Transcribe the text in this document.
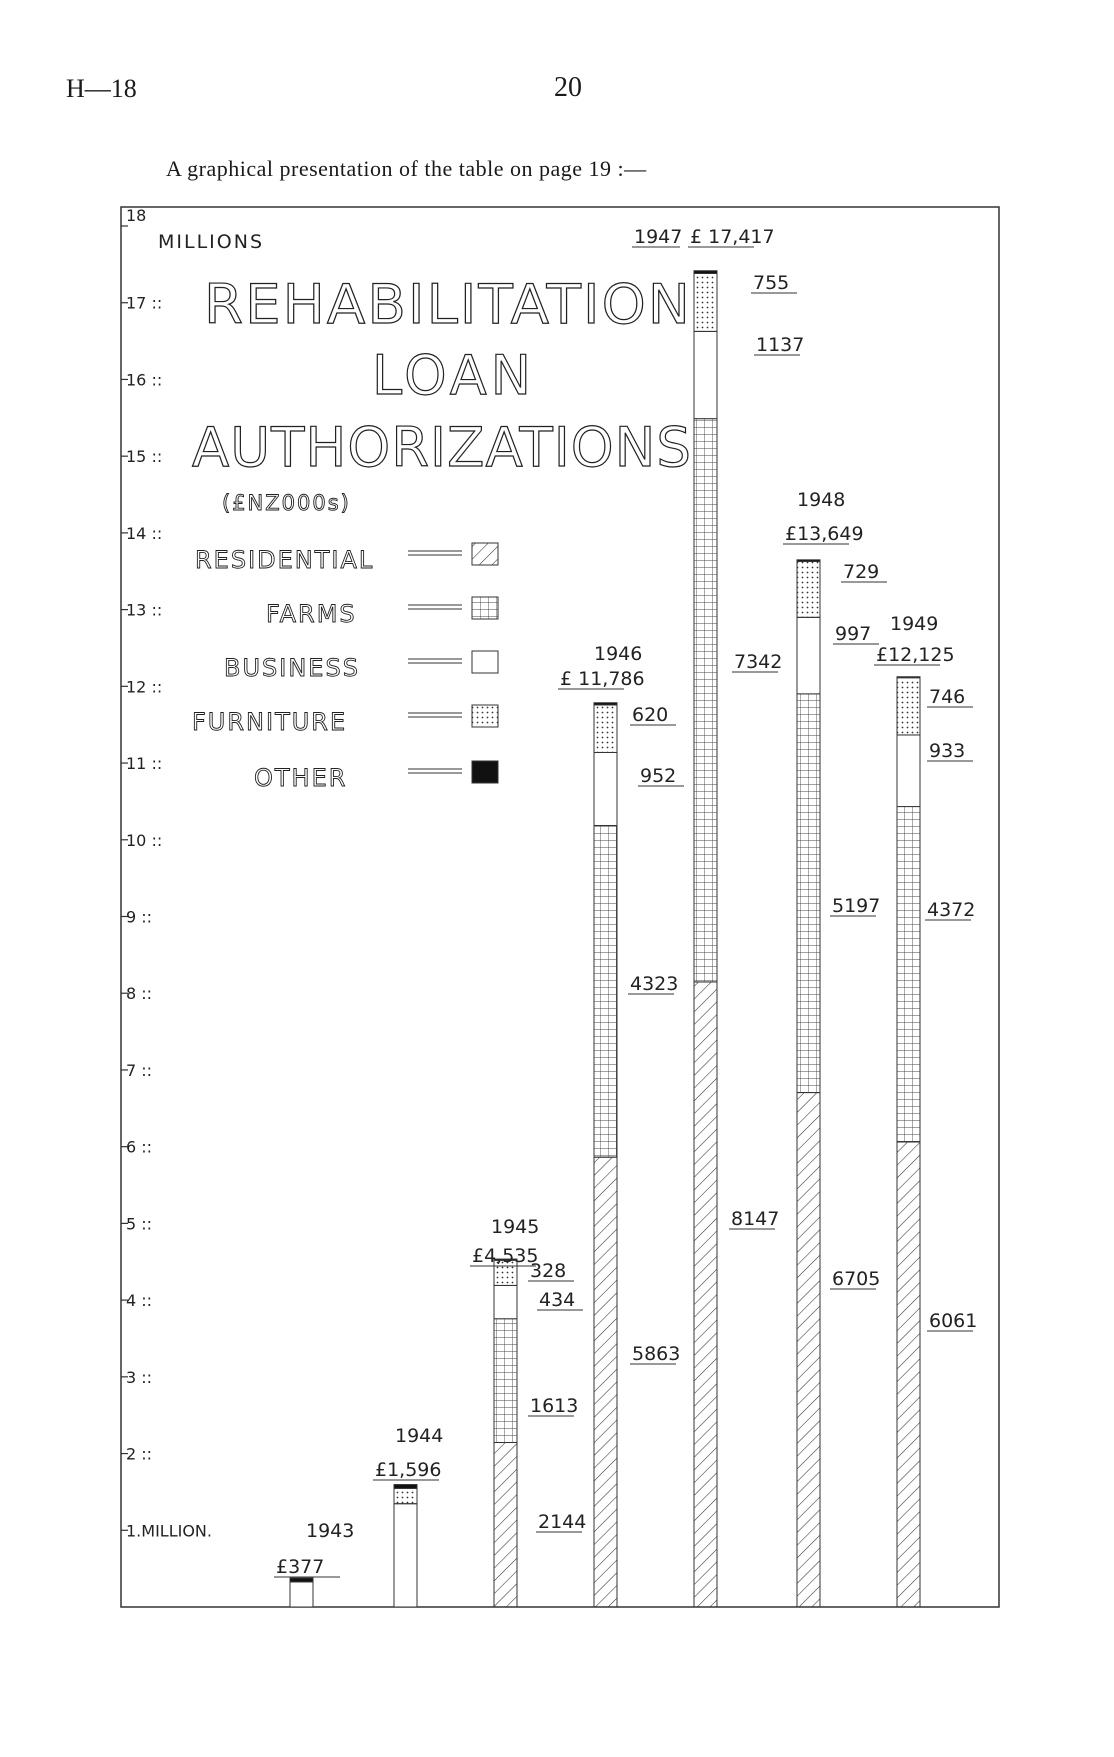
H—18	20
A graphical presentation of the table on page 19 :—
18
17 ::
16 ::
15 ::
14 ::
13 ::
12 ::
11 ::
10 ::
9 ::
8 ::
7 ::
6 ::
5 ::
4 ::
3 ::
2 ::
1.MILLION.	1943
£377
1944
£1,596
1945
£4,535
1946
£ 11,786
1947 £ 17,417
1948
£13,649
1949
£12,125
2144
1613
434
328
5863
4323
952
620
8147
7342
1137
755
6705
5197
997
729
6061
4372
933
746
MILLIONS
REHABILITATION
LOAN
AUTHORIZATIONS
(£NZ000s)
RESIDENTIAL
FARMS
BUSINESS
FURNITURE
OTHER
